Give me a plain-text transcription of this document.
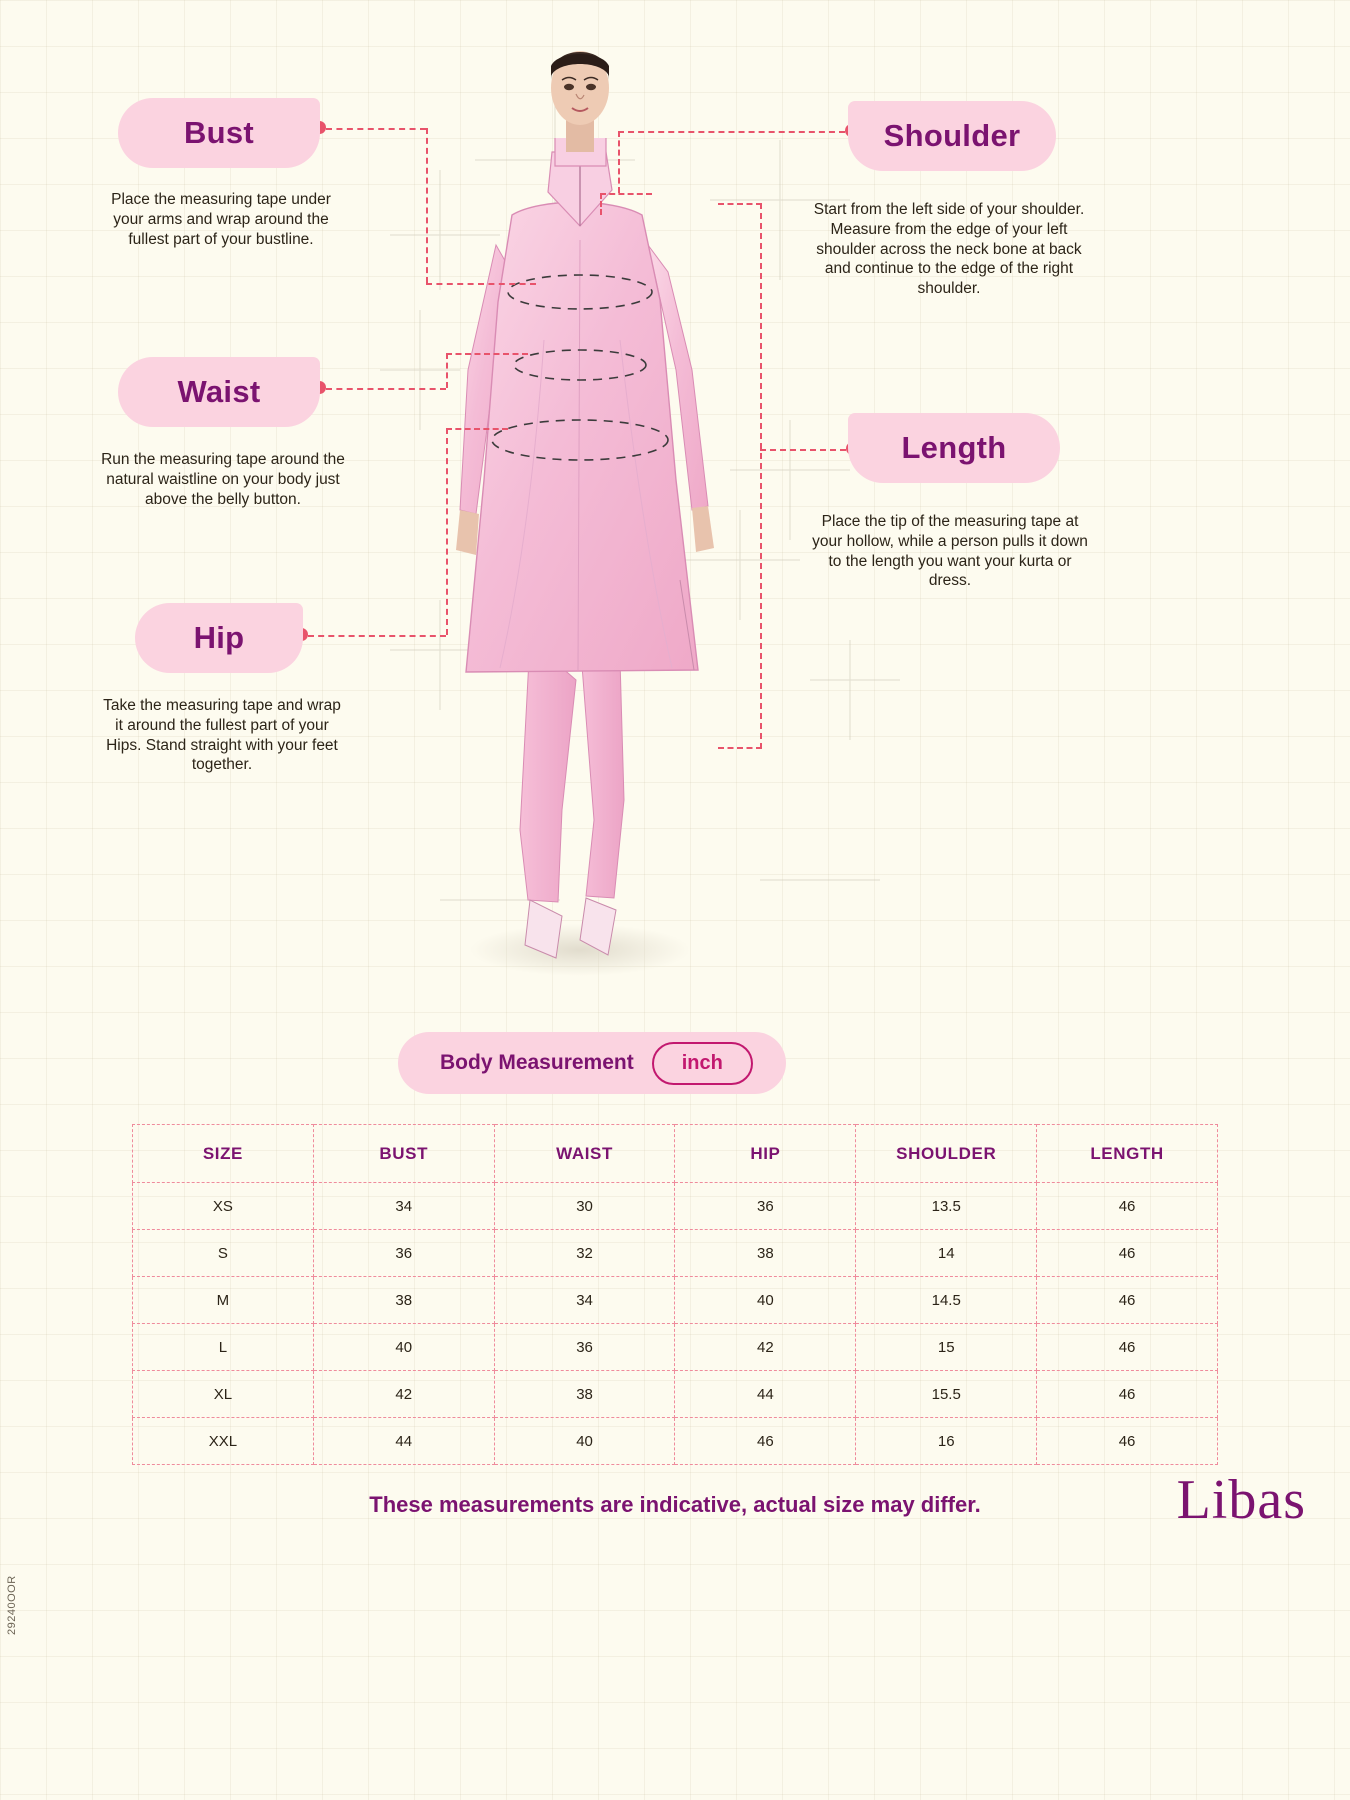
29240OOR
Bust
Place the measuring tape under your arms and wrap around the fullest part of your bustline.
Waist
Run the measuring tape around the natural waistline on your body just above the belly button.
Hip
Take the measuring tape and wrap it around the fullest part of your Hips. Stand straight with your feet together.
Shoulder
Start from the left side of your shoulder. Measure from the edge of your left shoulder across the neck bone at back and continue to the edge of the right shoulder.
Length
Place the tip of the measuring tape at your hollow, while a person pulls it down to the length you want your kurta or dress.
Body Measurement	inch
SIZE	BUST	WAIST	HIP	SHOULDER	LENGTH
XS	34	30	36	13.5	46
S	36	32	38	14	46
M	38	34	40	14.5	46
L	40	36	42	15	46
XL	42	38	44	15.5	46
XXL	44	40	46	16	46
These measurements are indicative, actual size may differ.	Libas
